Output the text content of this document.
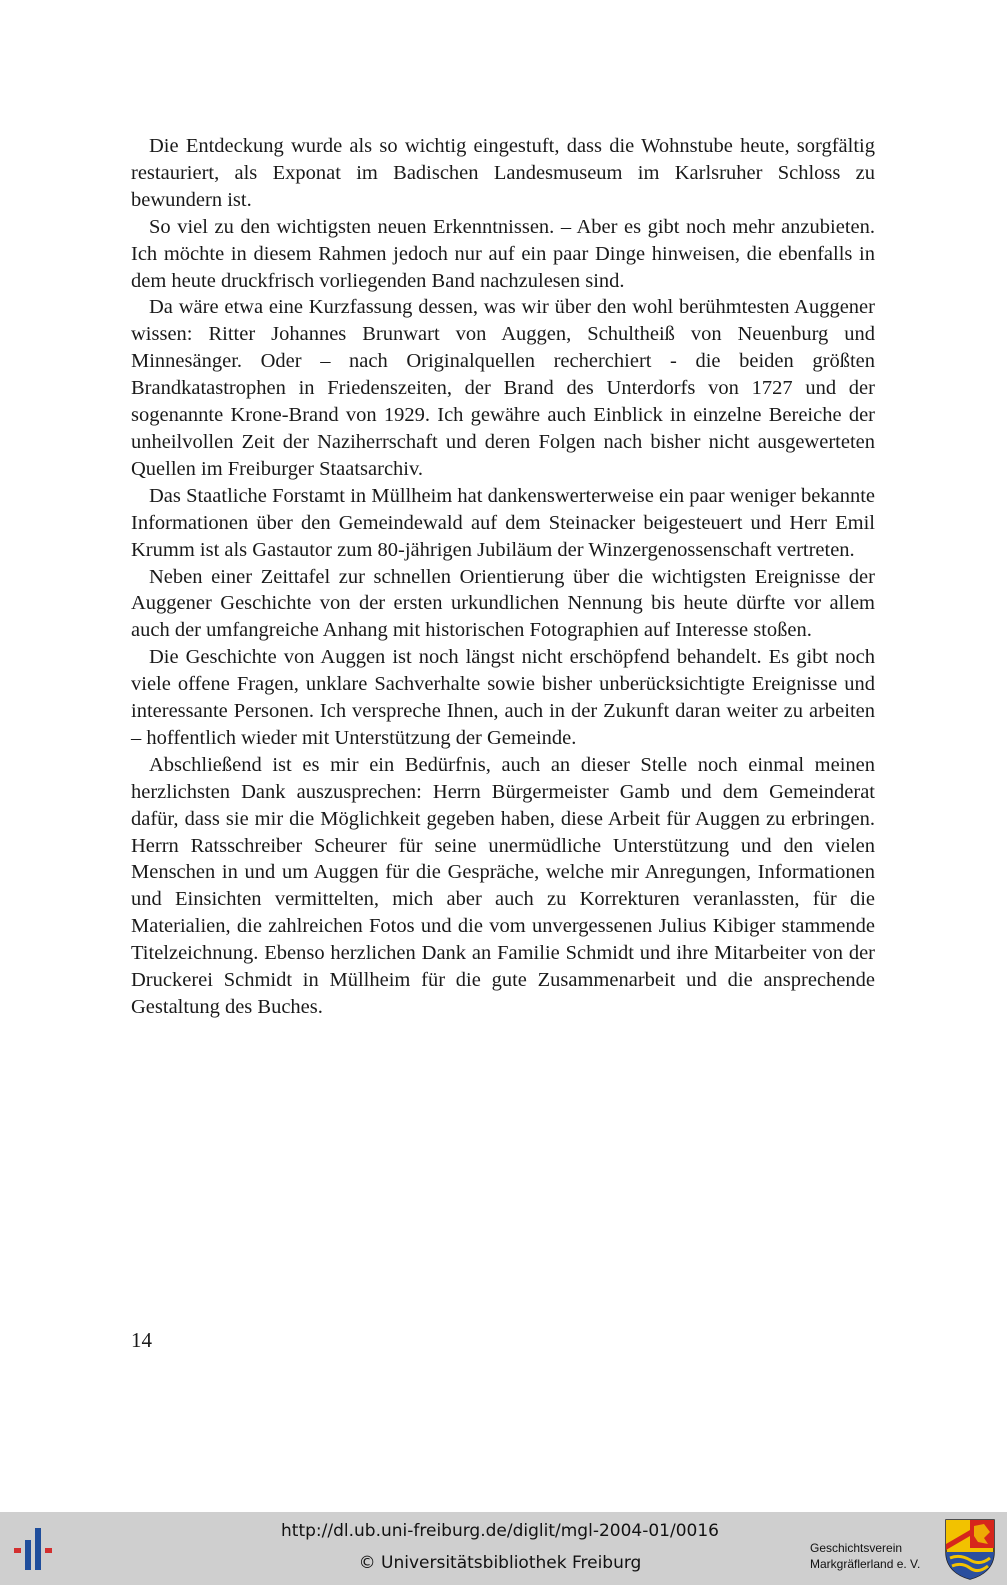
Die Entdeckung wurde als so wichtig eingestuft, dass die Wohnstube heute, sorgfältig restauriert, als Exponat im Badischen Landesmuseum im Karlsruher Schloss zu bewundern ist.

So viel zu den wichtigsten neuen Erkenntnissen. – Aber es gibt noch mehr anzubieten. Ich möchte in diesem Rahmen jedoch nur auf ein paar Dinge hinweisen, die ebenfalls in dem heute druckfrisch vorliegenden Band nachzulesen sind.

Da wäre etwa eine Kurzfassung dessen, was wir über den wohl berühmtesten Auggener wissen: Ritter Johannes Brunwart von Auggen, Schultheiß von Neuenburg und Minnesänger. Oder – nach Originalquellen recherchiert - die beiden größten Brandkatastrophen in Friedenszeiten, der Brand des Unterdorfs von 1727 und der sogenannte Krone-Brand von 1929. Ich gewähre auch Einblick in einzelne Bereiche der unheilvollen Zeit der Naziherrschaft und deren Folgen nach bisher nicht ausgewerteten Quellen im Freiburger Staatsarchiv.

Das Staatliche Forstamt in Müllheim hat dankenswerterweise ein paar weniger bekannte Informationen über den Gemeindewald auf dem Steinacker beigesteuert und Herr Emil Krumm ist als Gastautor zum 80-jährigen Jubiläum der Winzergenossenschaft vertreten.

Neben einer Zeittafel zur schnellen Orientierung über die wichtigsten Ereignisse der Auggener Geschichte von der ersten urkundlichen Nennung bis heute dürfte vor allem auch der umfangreiche Anhang mit historischen Fotographien auf Interesse stoßen.

Die Geschichte von Auggen ist noch längst nicht erschöpfend behandelt. Es gibt noch viele offene Fragen, unklare Sachverhalte sowie bisher unberücksichtigte Ereignisse und interessante Personen. Ich verspreche Ihnen, auch in der Zukunft daran weiter zu arbeiten – hoffentlich wieder mit Unterstützung der Gemeinde.

Abschließend ist es mir ein Bedürfnis, auch an dieser Stelle noch einmal meinen herzlichsten Dank auszusprechen: Herrn Bürgermeister Gamb und dem Gemeinderat dafür, dass sie mir die Möglichkeit gegeben haben, diese Arbeit für Auggen zu erbringen. Herrn Ratsschreiber Scheurer für seine unermüdliche Unterstützung und den vielen Menschen in und um Auggen für die Gespräche, welche mir Anregungen, Informationen und Einsichten vermittelten, mich aber auch zu Korrekturen veranlassten, für die Materialien, die zahlreichen Fotos und die vom unvergessenen Julius Kibiger stammende Titelzeichnung. Ebenso herzlichen Dank an Familie Schmidt und ihre Mitarbeiter von der Druckerei Schmidt in Müllheim für die gute Zusammenarbeit und die ansprechende Gestaltung des Buches.

14
http://dl.ub.uni-freiburg.de/diglit/mgl-2004-01/0016
© Universitätsbibliothek Freiburg
Geschichtsverein
Markgräflerland e. V.
